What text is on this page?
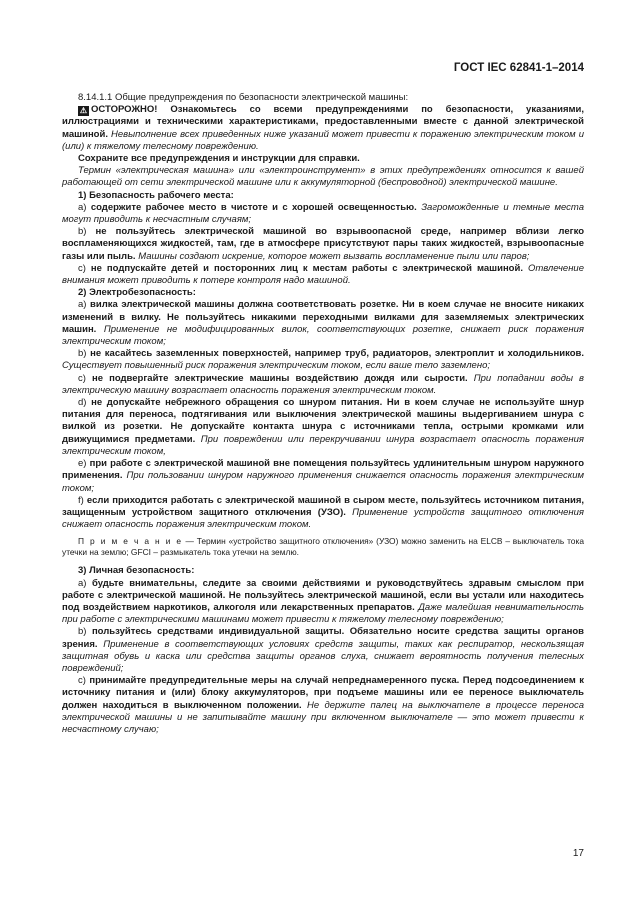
ГОСТ IEC 62841-1–2014

8.14.1.1 Общие предупреждения по безопасности электрической машины:

⚠ ОСТОРОЖНО! Ознакомьтесь со всеми предупреждениями по безопасности, указаниями, иллюстрациями и техническими характеристиками, предоставленными вместе с данной электрической машиной. Невыполнение всех приведенных ниже указаний может привести к поражению электрическим током и (или) к тяжелому телесному повреждению.

Сохраните все предупреждения и инструкции для справки.

Термин «электрическая машина» или «электроинструмент» в этих предупреждениях относится к вашей работающей от сети электрической машине или к аккумуляторной (беспроводной) электрической машине.

1) Безопасность рабочего места:

a) содержите рабочее место в чистоте и с хорошей освещенностью. Загроможденные и темные места могут приводить к несчастным случаям;

b) не пользуйтесь электрической машиной во взрывоопасной среде, например вблизи легко воспламеняющихся жидкостей, там, где в атмосфере присутствуют пары таких жидкостей, взрывоопасные газы или пыль. Машины создают искрение, которое может вызвать воспламенение пыли или паров;

c) не подпускайте детей и посторонних лиц к местам работы с электрической машиной. Отвлечение внимания может приводить к потере контроля надо машиной.

2) Электробезопасность:

a) вилка электрической машины должна соответствовать розетке. Ни в коем случае не вносите никаких изменений в вилку. Не пользуйтесь никакими переходными вилками для заземляемых электрических машин. Применение не модифицированных вилок, соответствующих розетке, снижает риск поражения электрическим током;

b) не касайтесь заземленных поверхностей, например труб, радиаторов, электроплит и холодильников. Существует повышенный риск поражения электрическим током, если ваше тело заземлено;

c) не подвергайте электрические машины воздействию дождя или сырости. При попадании воды в электрическую машину возрастает опасность поражения электрическим током.

d) не допускайте небрежного обращения со шнуром питания. Ни в коем случае не используйте шнур питания для переноса, подтягивания или выключения электрической машины выдергиванием шнура с вилкой из розетки. Не допускайте контакта шнура с источниками тепла, острыми кромками или движущимися предметами. При повреждении или перекручивании шнура возрастает опасность поражения электрическим током,

e) при работе с электрической машиной вне помещения пользуйтесь удлинительным шнуром наружного применения. При пользовании шнуром наружного применения снижается опасность поражения электрическим током;

f) если приходится работать с электрической машиной в сыром месте, пользуйтесь источником питания, защищенным устройством защитного отключения (УЗО). Применение устройств защитного отключения снижает опасность поражения электрическим током.

П р и м е ч а н и е — Термин «устройство защитного отключения» (УЗО) можно заменить на ELCB – выключатель тока утечки на землю; GFCI – размыкатель тока утечки на землю.

3) Личная безопасность:

a) будьте внимательны, следите за своими действиями и руководствуйтесь здравым смыслом при работе с электрической машиной. Не пользуйтесь электрической машиной, если вы устали или находитесь под воздействием наркотиков, алкоголя или лекарственных препаратов. Даже малейшая невнимательность при работе с электрическими машинами может привести к тяжелому телесному повреждению;

b) пользуйтесь средствами индивидуальной защиты. Обязательно носите средства защиты органов зрения. Применение в соответствующих условиях средств защиты, таких как респиратор, нескользящая защитная обувь и каска или средства защиты органов слуха, снижает вероятность получения телесных повреждений;

c) принимайте предупредительные меры на случай непреднамеренного пуска. Перед подсоединением к источнику питания и (или) блоку аккумуляторов, при подъеме машины или ее переносе выключатель должен находиться в выключенном положении. Не держите палец на выключателе в процессе переноса электрической машины и не запитывайте машину при включенном выключателе — это может привести к несчастному случаю;

17
